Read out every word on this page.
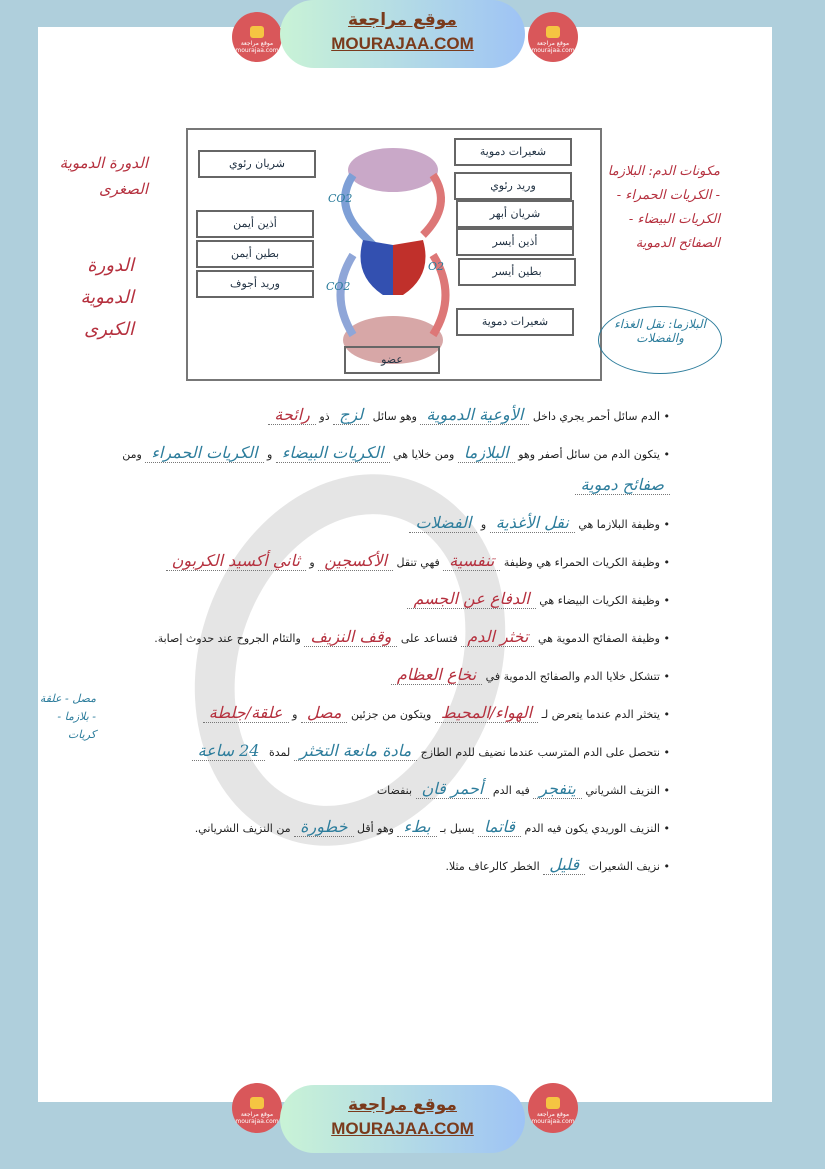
موقع مراجعة mourajaa.com
موقع مراجعة mourajaa.com
موقع مراجعة
MOURAJAA.COM
شريان رئوي
أذين أيمن
بطين أيمن
وريد أجوف
شعيرات دموية
وريد رئوي
شريان أبهر
أذين أيسر
بطين أيسر
شعيرات دموية
عضو
CO2
CO2
O2
الدورة الدموية الصغرى
الدورة الدموية الكبرى
مكونات الدم: البلازما - الكريات الحمراء - الكريات البيضاء - الصفائح الدموية
البلازما: نقل الغذاء والفضلات
مصل - علقة - بلازما - كريات
• الدم سائل أحمر يجري داخل الأوعية الدموية وهو سائل لزج ذو رائحة
• يتكون الدم من سائل أصفر وهو البلازما ومن خلايا هي الكريات البيضاء و الكريات الحمراء ومن صفائح دموية
• وظيفة البلازما هي نقل الأغذية و الفضلات
• وظيفة الكريات الحمراء هي وظيفة تنفسية فهي تنقل الأكسجين و ثاني أكسيد الكربون
• وظيفة الكريات البيضاء هي الدفاع عن الجسم
• وظيفة الصفائح الدموية هي تخثر الدم فتساعد على وقف النزيف والتئام الجروح عند حدوث إصابة.
• تتشكل خلايا الدم والصفائح الدموية في نخاع العظام
• يتخثر الدم عندما يتعرض لـ الهواء/المحيط ويتكون من جزئين مصل و علقة/جلطة
• نتحصل على الدم المترسب عندما نضيف للدم الطازج مادة مانعة التخثر لمدة 24 ساعة
• النزيف الشرياني يتفجر فيه الدم أحمر قان بنفضات
• النزيف الوريدي يكون فيه الدم قاتما يسيل بـ بطء وهو أقل خطورة من النزيف الشرياني.
• نزيف الشعيرات قليل الخطر كالرعاف مثلا.
موقع مراجعة mourajaa.com
موقع مراجعة mourajaa.com
موقع مراجعة
MOURAJAA.COM
